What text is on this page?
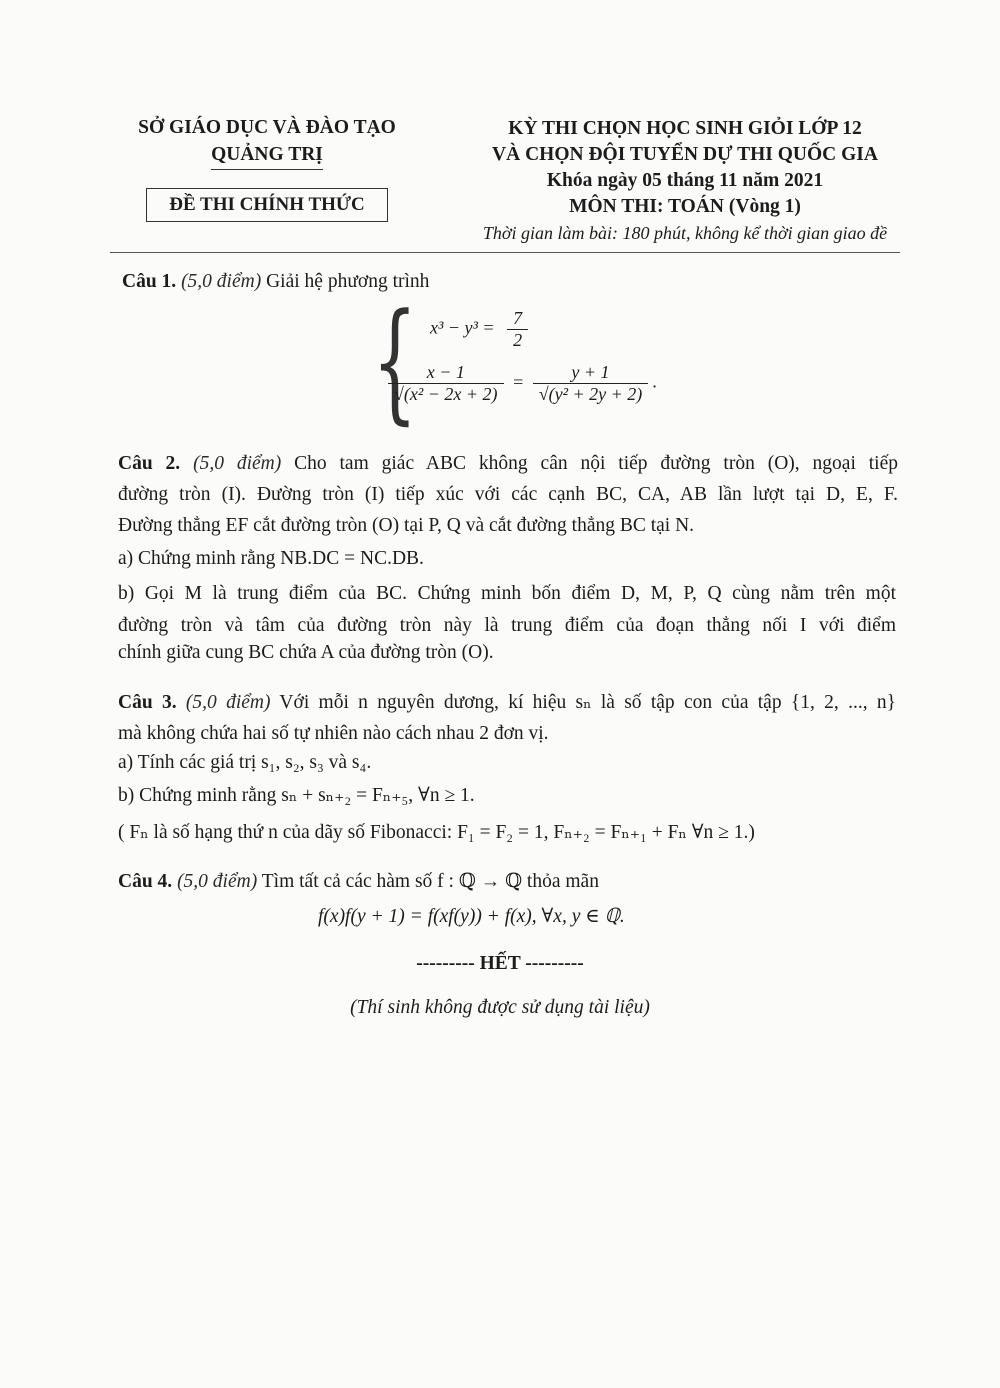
SỞ GIÁO DỤC VÀ ĐÀO TẠO
QUẢNG TRỊ
ĐỀ THI CHÍNH THỨC
KỲ THI CHỌN HỌC SINH GIỎI LỚP 12
VÀ CHỌN ĐỘI TUYỂN DỰ THI QUỐC GIA
Khóa ngày 05 tháng 11 năm 2021
MÔN THI: TOÁN (Vòng 1)
Thời gian làm bài: 180 phút, không kể thời gian giao đề
Câu 1. (5,0 điểm) Giải hệ phương trình
{ $x^3 - y^3 = \frac{7}{2}$
$\frac{x - 1}{\text{√(x² − 2x + 2)}} = \frac{y + 1}{\text{√(y² + 2y + 2)}}$ .
Câu 2. (5,0 điểm) Cho tam giác ABC không cân nội tiếp đường tròn (O), ngoại tiếp
đường tròn (I). Đường tròn (I) tiếp xúc với các cạnh BC, CA, AB lần lượt tại D, E, F.
Đường thẳng EF cắt đường tròn (O) tại P, Q và cắt đường thẳng BC tại N.
a) Chứng minh rằng NB.DC = NC.DB.
b) Gọi M là trung điểm của BC. Chứng minh bốn điểm D, M, P, Q cùng nằm trên một
đường tròn và tâm của đường tròn này là trung điểm của đoạn thẳng nối I với điểm
chính giữa cung BC chứa A của đường tròn (O).
Câu 3. (5,0 điểm) Với mỗi n nguyên dương, kí hiệu sₙ là số tập con của tập {1, 2, ..., n}
mà không chứa hai số tự nhiên nào cách nhau 2 đơn vị.
a) Tính các giá trị s₁, s₂, s₃ và s₄.
b) Chứng minh rằng sₙ + sₙ₊₂ = Fₙ₊₅, ∀n ≥ 1.
( Fₙ là số hạng thứ n của dãy số Fibonacci: F₁ = F₂ = 1, Fₙ₊₂ = Fₙ₊₁ + Fₙ ∀n ≥ 1.)
Câu 4. (5,0 điểm) Tìm tất cả các hàm số f : ℚ → ℚ thỏa mãn
f(x)f(y + 1) = f(xf(y)) + f(x), ∀x, y ∈ ℚ.
--------- HẾT ---------
(Thí sinh không được sử dụng tài liệu)
